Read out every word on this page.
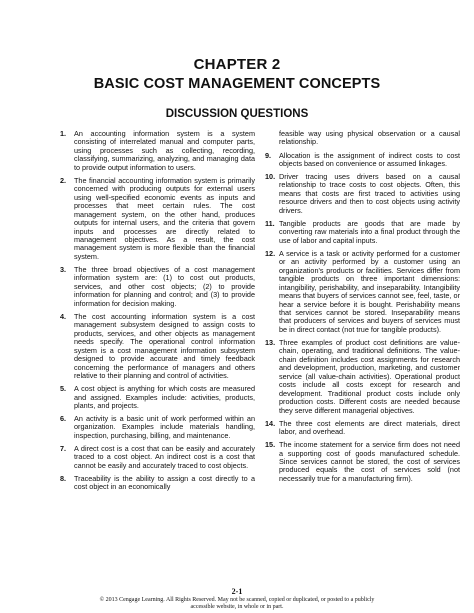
CHAPTER 2
BASIC COST MANAGEMENT CONCEPTS
DISCUSSION QUESTIONS
1.	An accounting information system is a system consisting of interrelated manual and computer parts, using processes such as collecting, recording, classifying, summarizing, analyzing, and managing data to provide output information to users.
2.	The financial accounting information system is primarily concerned with producing outputs for external users using well-specified economic events as inputs and processes that meet certain rules. The cost management system, on the other hand, produces outputs for internal users, and the criteria that govern inputs and processes are directly related to management objectives. As a result, the cost management system is more flexible than the financial system.
3.	The three broad objectives of a cost management information system are: (1) to cost out products, services, and other cost objects; (2) to provide information for planning and control; and (3) to provide information for decision making.
4.	The cost accounting information system is a cost management subsystem designed to assign costs to products, services, and other objects as management needs specify. The operational control information system is a cost management information subsystem designed to provide accurate and timely feedback concerning the performance of managers and others relative to their planning and control of activities.
5.	A cost object is anything for which costs are measured and assigned. Examples include: activities, products, plants, and projects.
6.	An activity is a basic unit of work performed within an organization. Examples include materials handling, inspection, purchasing, billing, and maintenance.
7.	A direct cost is a cost that can be easily and accurately traced to a cost object. An indirect cost is a cost that cannot be easily and accurately traced to cost objects.
8.	Traceability is the ability to assign a cost directly to a cost object in an economically
feasible way using physical observation or a causal relationship.
9.	Allocation is the assignment of indirect costs to cost objects based on convenience or assumed linkages.
10. Driver tracing uses drivers based on a causal relationship to trace costs to cost objects. Often, this means that costs are first traced to activities using resource drivers and then to cost objects using activity drivers.
11. Tangible products are goods that are made by converting raw materials into a final product through the use of labor and capital inputs.
12. A service is a task or activity performed for a customer or an activity performed by a customer using an organization's products or facilities. Services differ from tangible products on three important dimensions: intangibility, perishability, and inseparability. Intangibility means that buyers of services cannot see, feel, taste, or hear a service before it is bought. Perishability means that services cannot be stored. Inseparability means that producers of services and buyers of services must be in direct contact (not true for tangible products).
13. Three examples of product cost definitions are value-chain, operating, and traditional definitions. The value-chain definition includes cost assignments for research and development, production, marketing, and customer service (all value-chain activities). Operational product costs include all costs except for research and development. Traditional product costs include only production costs. Different costs are needed because they serve different managerial objectives.
14. The three cost elements are direct materials, direct labor, and overhead.
15. The income statement for a service firm does not need a supporting cost of goods manufactured schedule. Since services cannot be stored, the cost of services produced equals the cost of services sold (not necessarily true for a manufacturing firm).
2-1
© 2013 Cengage Learning. All Rights Reserved. May not be scanned, copied or duplicated, or posted to a publicly
accessible website, in whole or in part.
